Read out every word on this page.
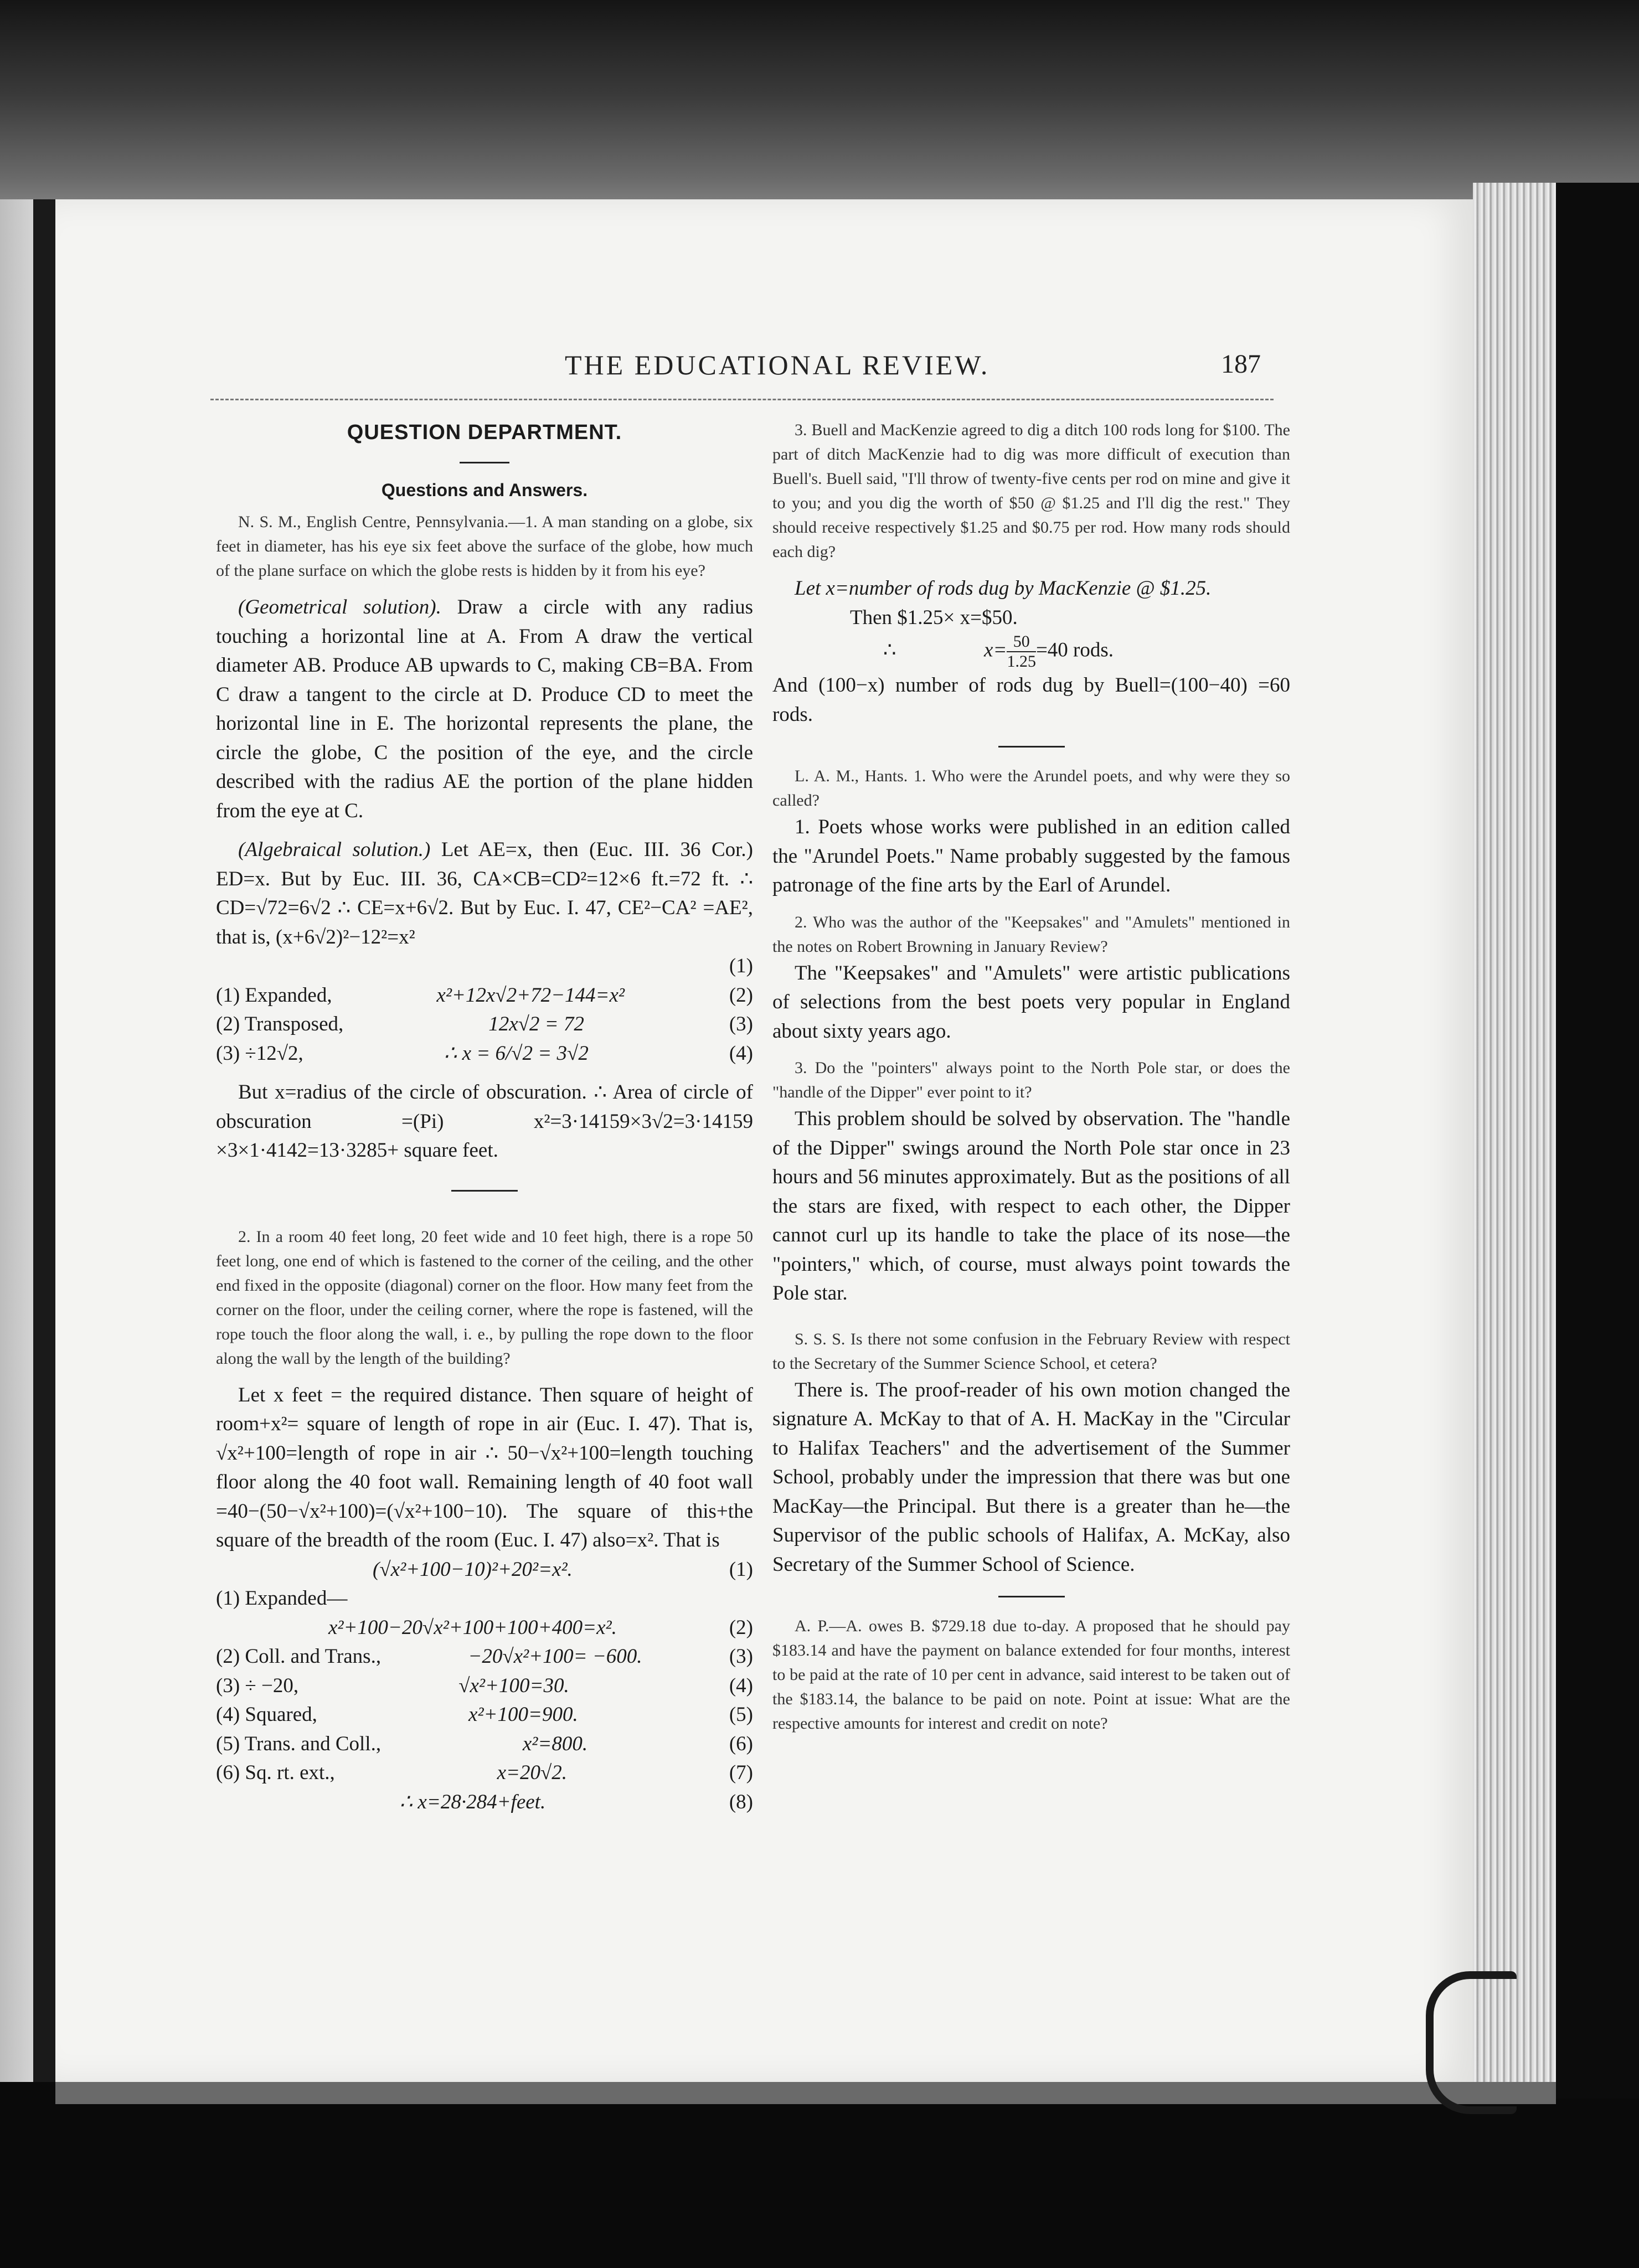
THE EDUCATIONAL REVIEW.	187

QUESTION DEPARTMENT.

Questions and Answers.

N. S. M., English Centre, Pennsylvania.—1. A man standing on a globe, six feet in diameter, has his eye six feet above the surface of the globe, how much of the plane surface on which the globe rests is hidden by it from his eye?

(Geometrical solution). Draw a circle with any radius touching a horizontal line at A. From A draw the vertical diameter AB. Produce AB upwards to C, making CB=BA. From C draw a tangent to the circle at D. Produce CD to meet the horizontal line in E. The horizontal represents the plane, the circle the globe, C the position of the eye, and the circle described with the radius AE the portion of the plane hidden from the eye at C.

(Algebraical solution.) Let AE=x, then (Euc. III. 36 Cor.) ED=x. But by Euc. III. 36, CA×CB=CD²=12×6 ft.=72 ft. ∴ CD=√72=6√2 ∴ CE=x+6√2. But by Euc. I. 47, CE²−CA² =AE², that is, (x+6√2)²−12²=x²

(1)
(1) Expanded,	x²+12x√2+72−144=x²	(2)
(2) Transposed,	12x√2 = 72	(3)
(3) ÷12√2,	∴ x = 6/√2 = 3√2	(4)

But x=radius of the circle of obscuration. ∴ Area of circle of obscuration =(Pi) x²=3·14159×3√2=3·14159 ×3×1·4142=13·3285+ square feet.

2. In a room 40 feet long, 20 feet wide and 10 feet high, there is a rope 50 feet long, one end of which is fastened to the corner of the ceiling, and the other end fixed in the opposite (diagonal) corner on the floor. How many feet from the corner on the floor, under the ceiling corner, where the rope is fastened, will the rope touch the floor along the wall, i. e., by pulling the rope down to the floor along the wall by the length of the building?

Let x feet = the required distance. Then square of height of room+x²= square of length of rope in air (Euc. I. 47). That is, √x²+100=length of rope in air ∴ 50−√x²+100=length touching floor along the 40 foot wall. Remaining length of 40 foot wall =40−(50−√x²+100)=(√x²+100−10). The square of this+the square of the breadth of the room (Euc. I. 47) also=x². That is

(√x²+100−10)²+20²=x².	(1)
(1) Expanded—
x²+100−20√x²+100+100+400=x².	(2)
(2) Coll. and Trans.,	−20√x²+100= −600.	(3)
(3) ÷ −20,	√x²+100=30.	(4)
(4) Squared,	x²+100=900.	(5)
(5) Trans. and Coll.,	x²=800.	(6)
(6) Sq. rt. ext.,	x=20√2.	(7)
∴ x=28·284+feet.	(8)

3. Buell and MacKenzie agreed to dig a ditch 100 rods long for $100. The part of ditch MacKenzie had to dig was more difficult of execution than Buell's. Buell said, "I'll throw of twenty-five cents per rod on mine and give it to you; and you dig the worth of $50 @ $1.25 and I'll dig the rest." They should receive respectively $1.25 and $0.75 per rod. How many rods should each dig?

Let x=number of rods dug by MacKenzie @ $1.25.

Then $1.25× x=$50.

∴	$x= \frac{50}{1.25} =40$ rods.

And (100−x) number of rods dug by Buell=(100−40) =60 rods.

L. A. M., Hants. 1. Who were the Arundel poets, and why were they so called?

1. Poets whose works were published in an edition called the "Arundel Poets." Name probably suggested by the famous patronage of the fine arts by the Earl of Arundel.

2. Who was the author of the "Keepsakes" and "Amulets" mentioned in the notes on Robert Browning in January Review?

The "Keepsakes" and "Amulets" were artistic publications of selections from the best poets very popular in England about sixty years ago.

3. Do the "pointers" always point to the North Pole star, or does the "handle of the Dipper" ever point to it?

This problem should be solved by observation. The "handle of the Dipper" swings around the North Pole star once in 23 hours and 56 minutes approximately. But as the positions of all the stars are fixed, with respect to each other, the Dipper cannot curl up its handle to take the place of its nose—the "pointers," which, of course, must always point towards the Pole star.

S. S. S. Is there not some confusion in the February Review with respect to the Secretary of the Summer Science School, et cetera?

There is. The proof-reader of his own motion changed the signature A. McKay to that of A. H. MacKay in the "Circular to Halifax Teachers" and the advertisement of the Summer School, probably under the impression that there was but one MacKay—the Principal. But there is a greater than he—the Supervisor of the public schools of Halifax, A. McKay, also Secretary of the Summer School of Science.

A. P.—A. owes B. $729.18 due to-day. A proposed that he should pay $183.14 and have the payment on balance extended for four months, interest to be paid at the rate of 10 per cent in advance, said interest to be taken out of the $183.14, the balance to be paid on note. Point at issue: What are the respective amounts for interest and credit on note?
